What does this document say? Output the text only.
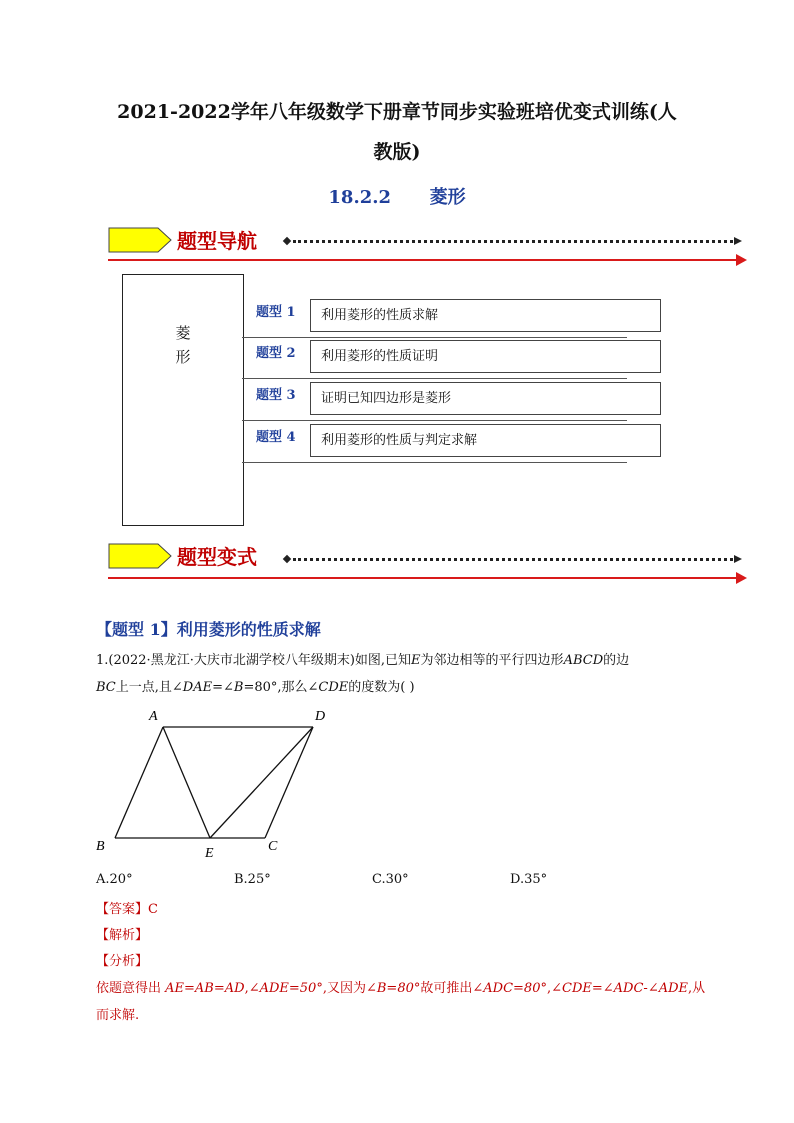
2021-2022学年八年级数学下册章节同步实验班培优变式训练(人
教版)
18.2.2 菱形
题型导航
菱
形
题型 1	利用菱形的性质求解
题型 2	利用菱形的性质证明
题型 3	证明已知四边形是菱形
题型 4	利用菱形的性质与判定求解
题型变式
【题型 1】利用菱形的性质求解
1.(2022·黑龙江·大庆市北湖学校八年级期末)如图,已知E为邻边相等的平行四边形ABCD的边
BC上一点,且∠DAE=∠B=80°,那么∠CDE的度数为( )
A	D
B	E	C
A.20°	B.25°	C.30°	D.35°
【答案】C
【解析】
【分析】
依题意得出 AE=AB=AD,∠ADE=50°,又因为∠B=80°故可推出∠ADC=80°,∠CDE=∠ADC-∠ADE,从
而求解.
